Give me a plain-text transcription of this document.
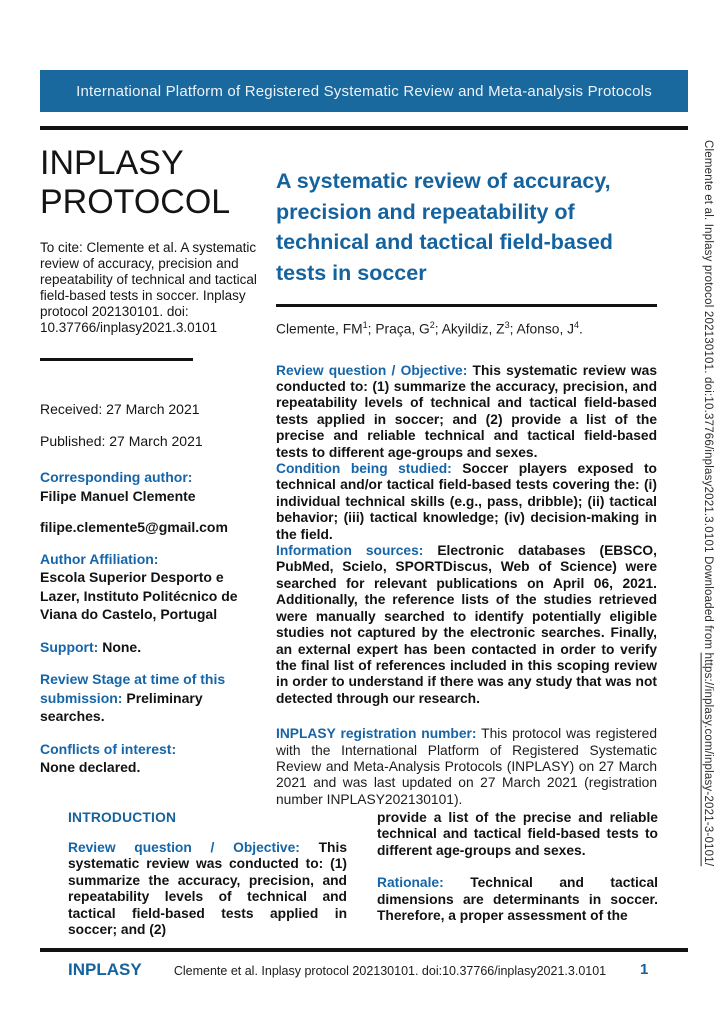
International Platform of Registered Systematic Review and Meta-analysis Protocols
INPLASY
PROTOCOL

To cite: Clemente et al. A systematic review of accuracy, precision and repeatability of technical and tactical field-based tests in soccer. Inplasy protocol 202130101. doi: 10.37766/inplasy2021.3.0101

Received: 27 March 2021

Published: 27 March 2021

Corresponding author:
Filipe Manuel Clemente

filipe.clemente5@gmail.com

Author Affiliation:
Escola Superior Desporto e Lazer, Instituto Politécnico de Viana do Castelo, Portugal

Support: None.

Review Stage at time of this submission: Preliminary searches.

Conflicts of interest:
None declared.

A systematic review of accuracy, precision and repeatability of technical and tactical field-based tests in soccer

Clemente, $FM^1$; Praça, $G^2$; Akyildiz, $Z^3$; Afonso, $J^4$.

Review question / Objective: This systematic review was conducted to: (1) summarize the accuracy, precision, and repeatability levels of technical and tactical field-based tests applied in soccer; and (2) provide a list of the precise and reliable technical and tactical field-based tests to different age-groups and sexes.

Condition being studied: Soccer players exposed to technical and/or tactical field-based tests covering the: (i) individual technical skills (e.g., pass, dribble); (ii) tactical behavior; (iii) tactical knowledge; (iv) decision-making in the field.

Information sources: Electronic databases (EBSCO, PubMed, Scielo, SPORTDiscus, Web of Science) were searched for relevant publications on April 06, 2021. Additionally, the reference lists of the studies retrieved were manually searched to identify potentially eligible studies not captured by the electronic searches. Finally, an external expert has been contacted in order to verify the final list of references included in this scoping review in order to understand if there was any study that was not detected through our research.

INPLASY registration number: This protocol was registered with the International Platform of Registered Systematic Review and Meta-Analysis Protocols (INPLASY) on 27 March 2021 and was last updated on 27 March 2021 (registration number INPLASY202130101).

INTRODUCTION

Review question / Objective: This systematic review was conducted to: (1) summarize the accuracy, precision, and repeatability levels of technical and tactical field-based tests applied in soccer; and (2)

provide a list of the precise and reliable technical and tactical field-based tests to different age-groups and sexes.

Rationale: Technical and tactical dimensions are determinants in soccer. Therefore, a proper assessment of the

INPLASY	Clemente et al. Inplasy protocol 202130101. doi:10.37766/inplasy2021.3.0101	1
Clemente et al. Inplasy protocol 202130101. doi:10.37766/inplasy2021.3.0101 Downloaded from https://inplasy.com/inplasy-2021-3-0101/
